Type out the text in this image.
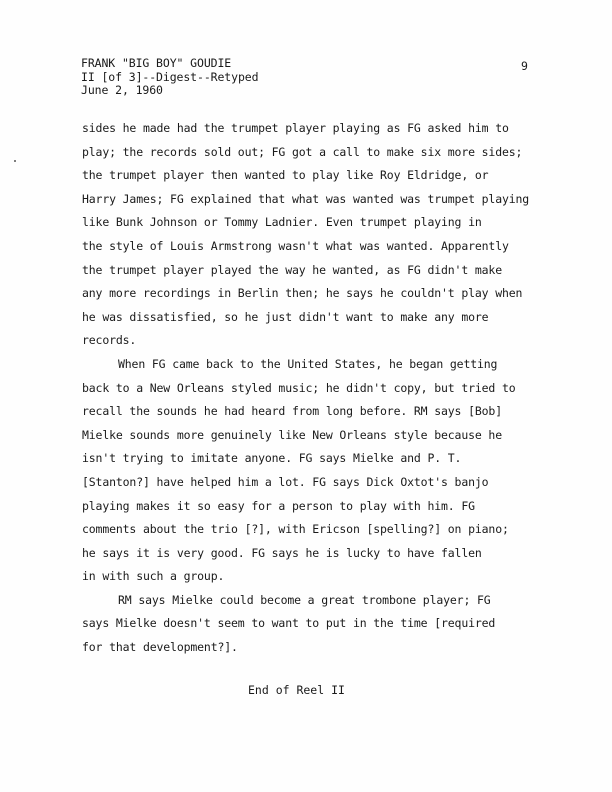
FRANK "BIG BOY" GOUDIE
II [of 3]--Digest--Retyped
June 2, 1960
9
sides he made had the trumpet player playing as FG asked him to
play; the records sold out; FG got a call to make six more sides;
the trumpet player then wanted to play like Roy Eldridge, or
Harry James; FG explained that what was wanted was trumpet playing
like Bunk Johnson or Tommy Ladnier. Even trumpet playing in
the style of Louis Armstrong wasn't what was wanted. Apparently
the trumpet player played the way he wanted, as FG didn't make
any more recordings in Berlin then; he says he couldn't play when
he was dissatisfied, so he just didn't want to make any more
records.
When FG came back to the United States, he began getting
back to a New Orleans styled music; he didn't copy, but tried to
recall the sounds he had heard from long before. RM says [Bob]
Mielke sounds more genuinely like New Orleans style because he
isn't trying to imitate anyone. FG says Mielke and P. T.
[Stanton?] have helped him a lot. FG says Dick Oxtot's banjo
playing makes it so easy for a person to play with him. FG
comments about the trio [?], with Ericson [spelling?] on piano;
he says it is very good. FG says he is lucky to have fallen
in with such a group.
RM says Mielke could become a great trombone player; FG
says Mielke doesn't seem to want to put in the time [required
for that development?].
End of Reel II
